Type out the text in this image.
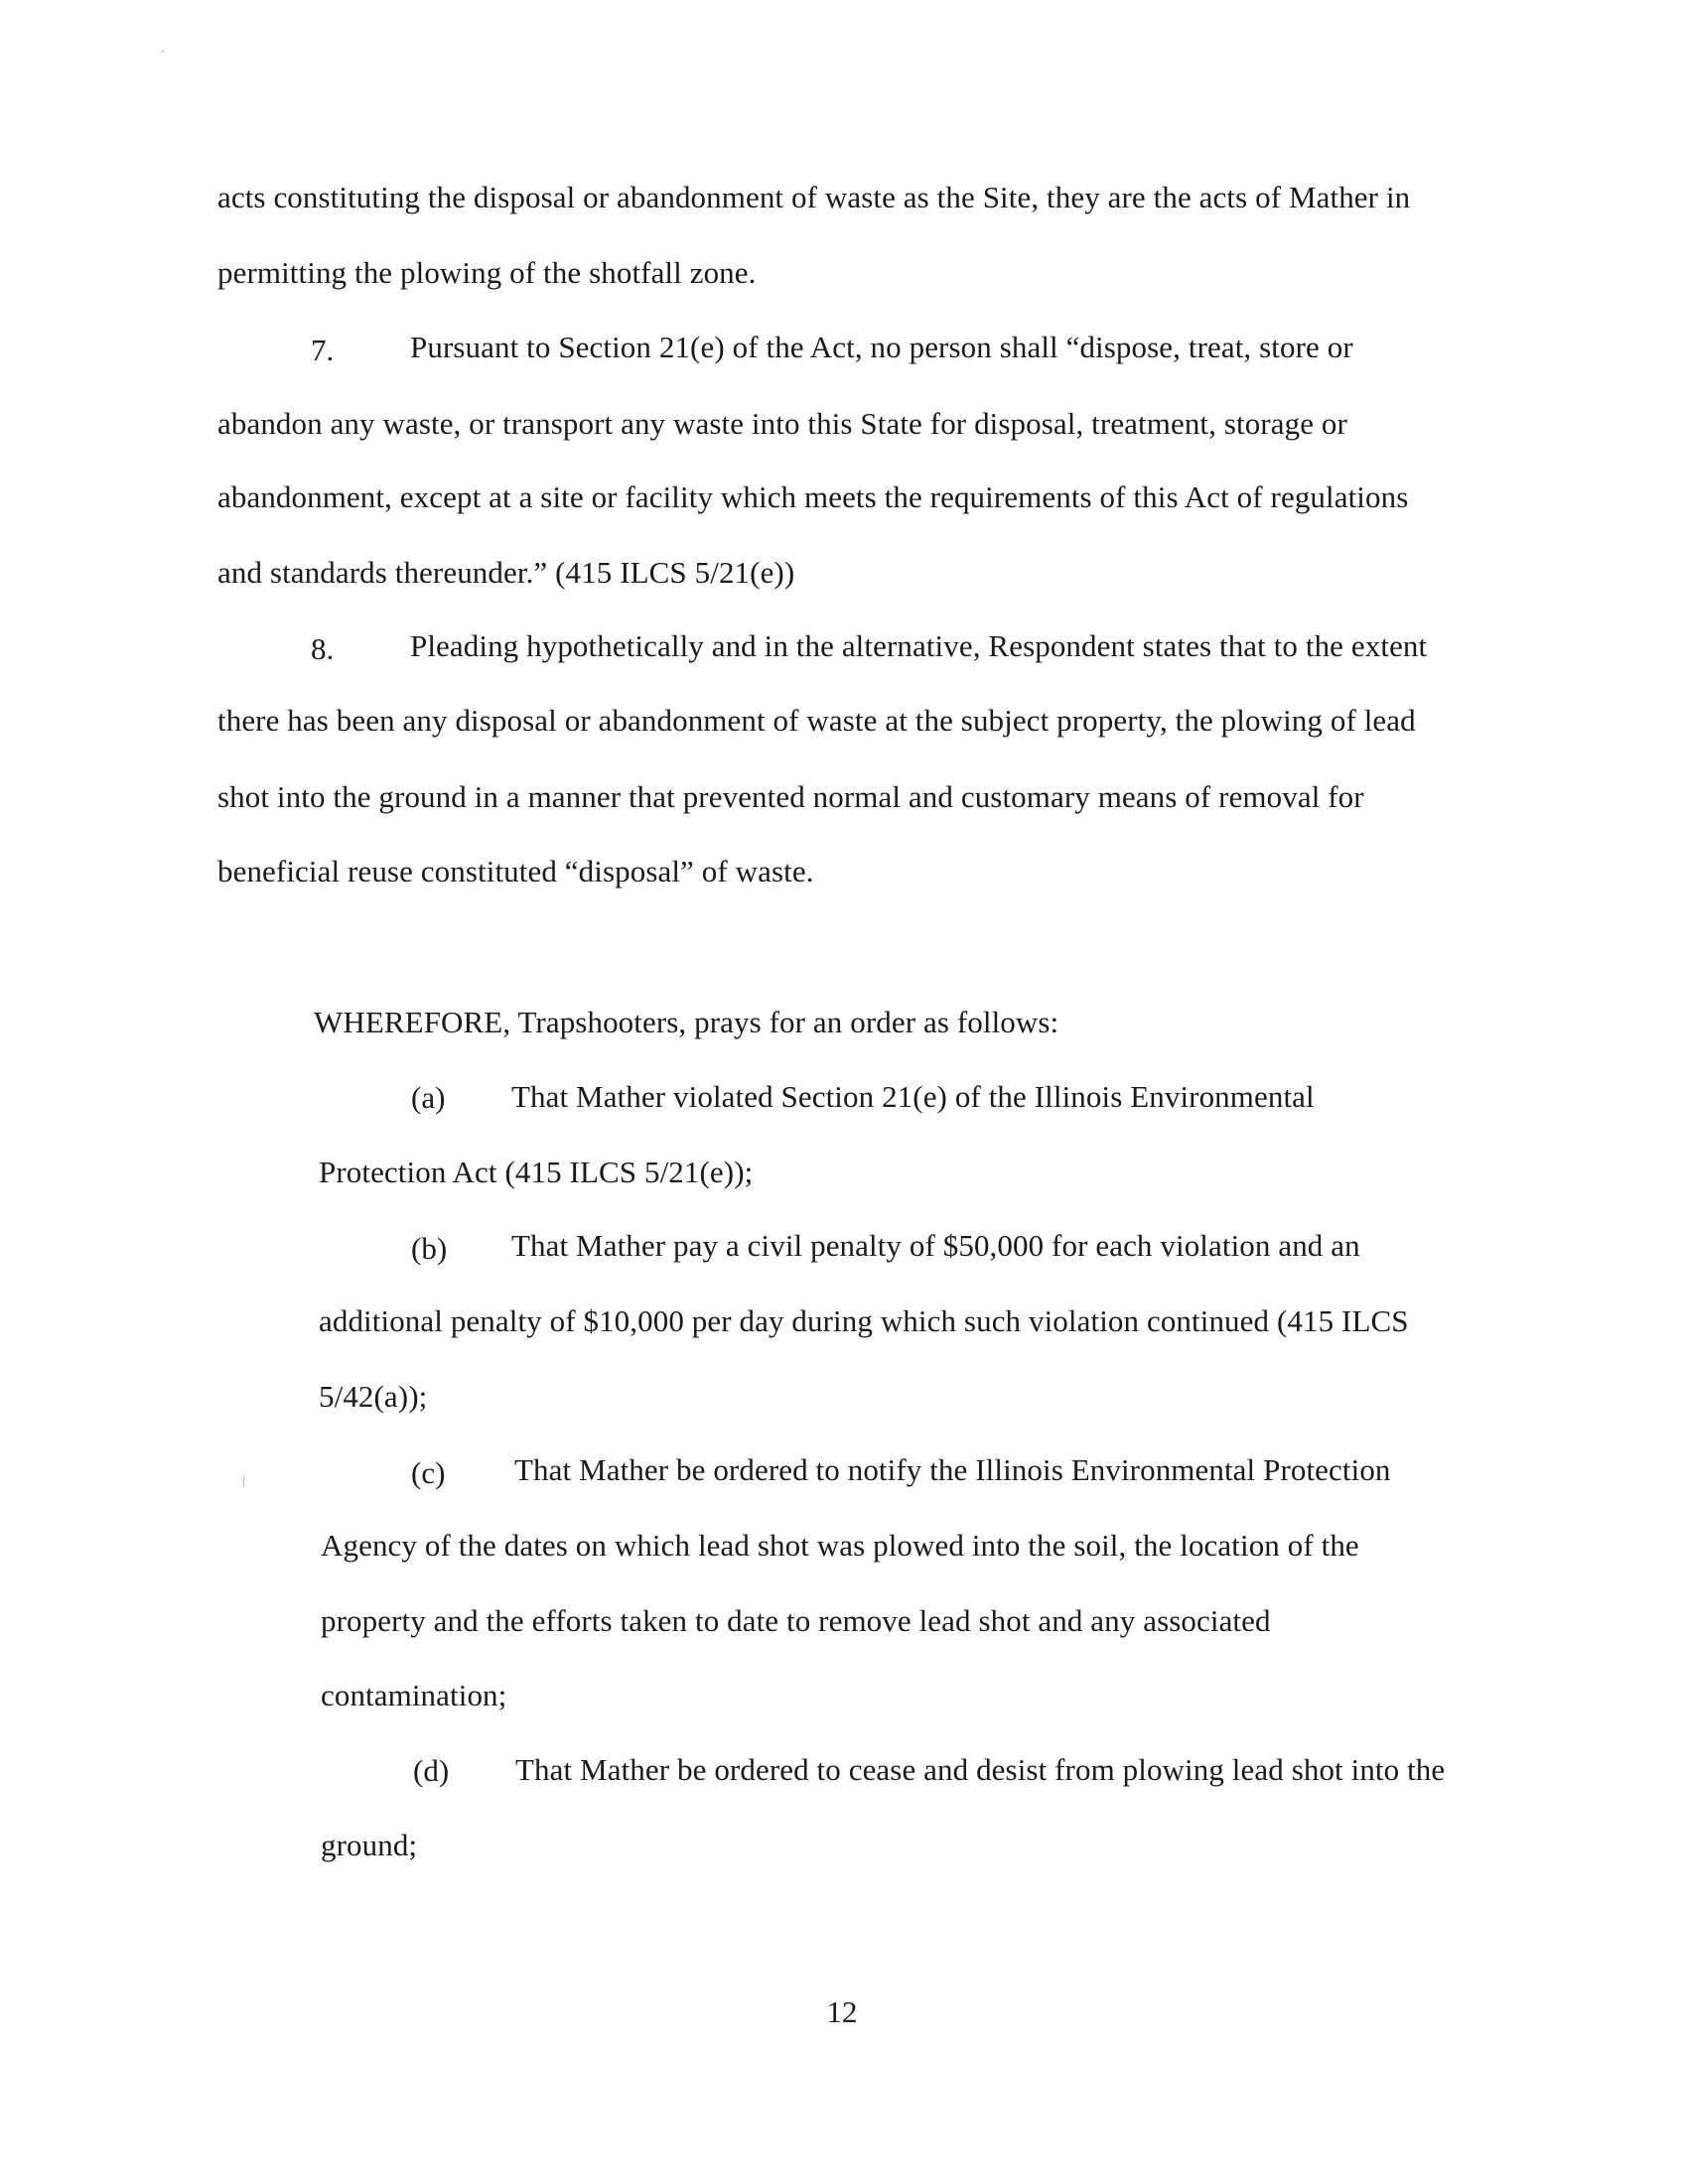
acts constituting the disposal or abandonment of waste as the Site, they are the acts of Mather in
permitting the plowing of the shotfall zone.
7. Pursuant to Section 21(e) of the Act, no person shall “dispose, treat, store or
abandon any waste, or transport any waste into this State for disposal, treatment, storage or
abandonment, except at a site or facility which meets the requirements of this Act of regulations
and standards thereunder.” (415 ILCS 5/21(e))
8. Pleading hypothetically and in the alternative, Respondent states that to the extent
there has been any disposal or abandonment of waste at the subject property, the plowing of lead
shot into the ground in a manner that prevented normal and customary means of removal for
beneficial reuse constituted “disposal” of waste.
WHEREFORE, Trapshooters, prays for an order as follows:
(a) That Mather violated Section 21(e) of the Illinois Environmental
Protection Act (415 ILCS 5/21(e));
(b) That Mather pay a civil penalty of $50,000 for each violation and an
additional penalty of $10,000 per day during which such violation continued (415 ILCS
5/42(a));
(c) That Mather be ordered to notify the Illinois Environmental Protection
Agency of the dates on which lead shot was plowed into the soil, the location of the
property and the efforts taken to date to remove lead shot and any associated
contamination;
(d) That Mather be ordered to cease and desist from plowing lead shot into the
ground;
12
